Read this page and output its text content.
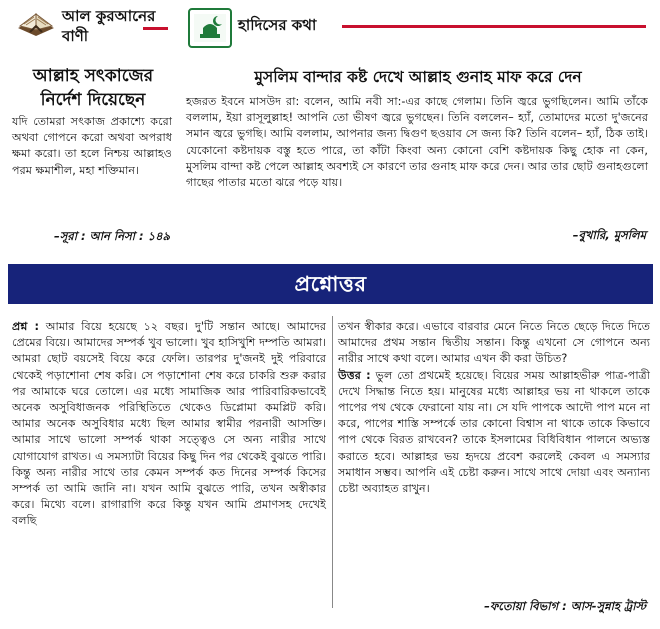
আল কুরআনের
বাণী
হাদিসের কথা
আল্লাহ সৎকাজের
নির্দেশ দিয়েছেন
যদি তোমরা সৎকাজ প্রকাশ্যে করো অথবা গোপনে করো অথবা অপরাধ ক্ষমা করো। তা হলে নিশ্চয় আল্লাহও পরম ক্ষমাশীল, মহা শক্তিমান।
–সূরা : আন নিসা : ১৪৯
মুসলিম বান্দার কষ্ট দেখে আল্লাহ গুনাহ মাফ করে দেন
হজরত ইবনে মাসউদ রা: বলেন, আমি নবী সা:-এর কাছে গেলাম। তিনি জ্বরে ভুগছিলেন। আমি তাঁকে বললাম, ইয়া রাসূলুল্লাহ! আপনি তো ভীষণ জ্বরে ভুগছেন। তিনি বললেন– হ্যাঁ, তোমাদের মতো দু'জনের সমান জ্বরে ভুগছি। আমি বললাম, আপনার জন্য দ্বিগুণ ছওয়াব সে জন্য কি? তিনি বলেন– হ্যাঁ, ঠিক তাই। যেকোনো কষ্টদায়ক বস্তু হতে পারে, তা কাঁটা কিংবা অন্য কোনো বেশি কষ্টদায়ক কিছু হোক না কেন, মুসলিম বান্দা কষ্ট পেলে আল্লাহ অবশ্যই সে কারণে তার গুনাহ মাফ করে দেন। আর তার ছোট গুনাহগুলো গাছের পাতার মতো ঝরে পড়ে যায়।
–বুখারি, মুসলিম
প্রশ্নোত্তর
প্রশ্ন : আমার বিয়ে হয়েছে ১২ বছর। দু'টি সন্তান আছে। আমাদের প্রেমের বিয়ে। আমাদের সম্পর্ক খুব ভালো। খুব হাসিখুশি দম্পতি আমরা। আমরা ছোট বয়সেই বিয়ে করে ফেলি। তারপর দু'জনই দুই পরিবারে থেকেই পড়াশোনা শেষ করি। সে পড়াশোনা শেষ করে চাকরি শুরু করার পর আমাকে ঘরে তোলে। এর মধ্যে সামাজিক আর পারিবারিকভাবেই অনেক অসুবিধাজনক পরিস্থিতিতে থেকেও ডিপ্লোমা কমপ্লিট করি। আমার অনেক অসুবিধার মধ্যে ছিল আমার স্বামীর পরনারী আসক্তি। আমার সাথে ভালো সম্পর্ক থাকা সত্ত্বেও সে অন্য নারীর সাথে যোগাযোগ রাখত। এ সমস্যাটা বিয়ের কিছু দিন পর থেকেই বুঝতে পারি। কিন্তু অন্য নারীর সাথে তার কেমন সম্পর্ক কত দিনের সম্পর্ক কিসের সম্পর্ক তা আমি জানি না। যখন আমি বুঝতে পারি, তখন অস্বীকার করে। মিথ্যে বলে। রাগারাগি করে কিন্তু যখন আমি প্রমাণসহ দেখেই বলছি
তখন স্বীকার করে। এভাবে বারবার মেনে নিতে নিতে ছেড়ে দিতে দিতে আমাদের প্রথম সন্তান দ্বিতীয় সন্তান। কিন্তু এখনো সে গোপনে অন্য নারীর সাথে কথা বলে। আমার এখন কী করা উচিত?
উত্তর : ভুল তো প্রথমেই হয়েছে। বিয়ের সময় আল্লাহভীরু পাত্র-পাত্রী দেখে সিদ্ধান্ত নিতে হয়। মানুষের মধ্যে আল্লাহর ভয় না থাকলে তাকে পাপের পথ থেকে ফেরানো যায় না। সে যদি পাপকে আদৌ পাপ মনে না করে, পাপের শাস্তি সম্পর্কে তার কোনো বিশ্বাস না থাকে তাকে কিভাবে পাপ থেকে বিরত রাখবেন? তাকে ইসলামের বিধিবিধান পালনে অভ্যস্ত করাতে হবে। আল্লাহর ভয় হৃদয়ে প্রবেশ করলেই কেবল এ সমস্যার সমাধান সম্ভব। আপনি এই চেষ্টা করুন। সাথে সাথে দোয়া এবং অন্যান্য চেষ্টা অব্যাহত রাখুন।
–ফতোয়া বিভাগ : আস-সুন্নাহ ট্রাস্ট
